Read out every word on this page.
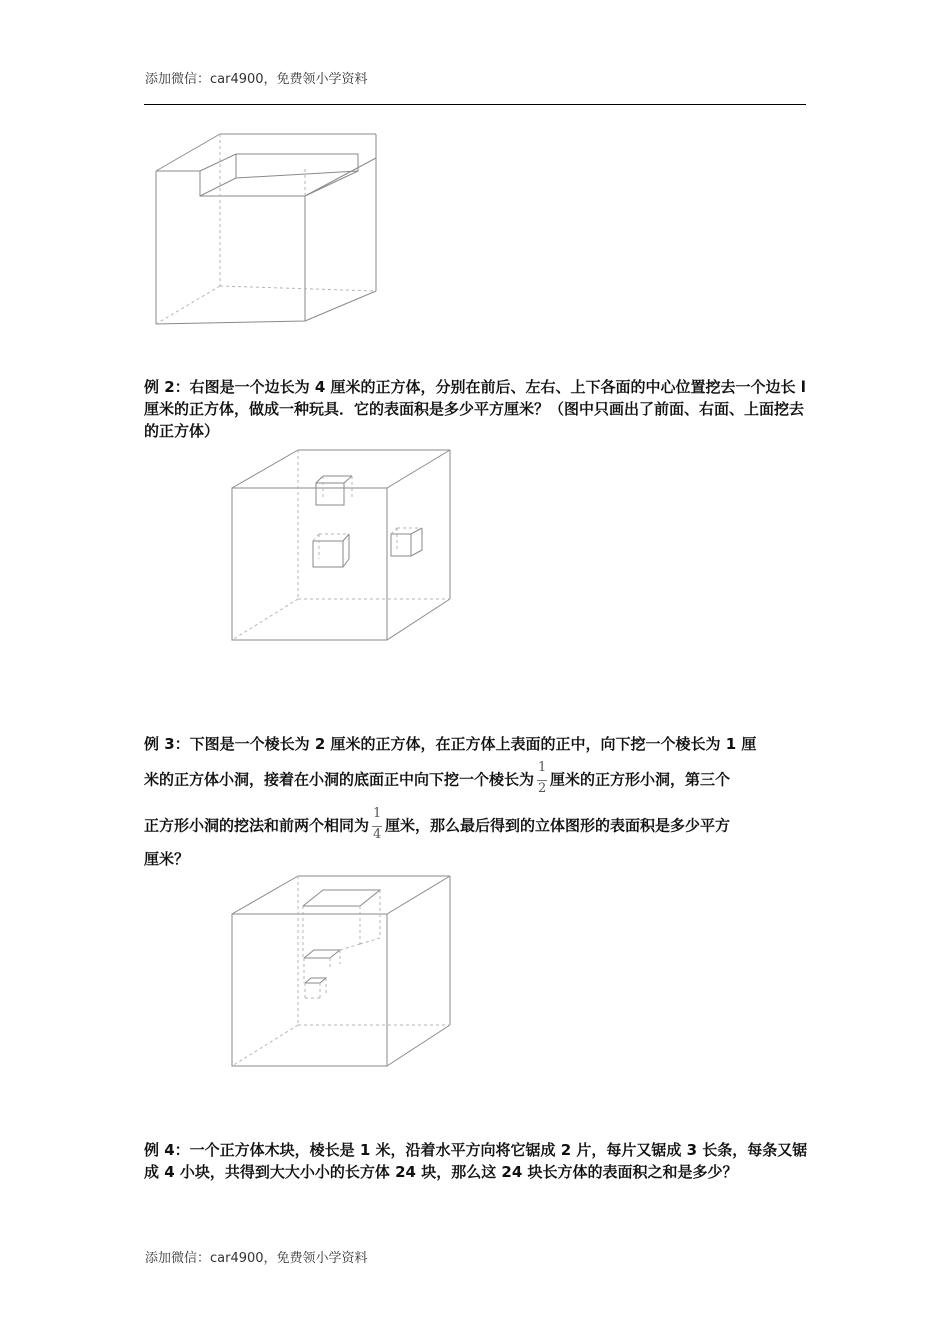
添加微信：car4900，免费领小学资料
例 2：右图是一个边长为 4 厘米的正方体，分别在前后、左右、上下各面的中心位置挖去一个边长 l 厘米的正方体，做成一种玩具．它的表面积是多少平方厘米？（图中只画出了前面、右面、上面挖去的正方体）
例 3：下图是一个棱长为 2 厘米的正方体，在正方体上表面的正中，向下挖一个棱长为 1 厘
米的正方体小洞，接着在小洞的底面正中向下挖一个棱长为 $\frac{1}{2}$ 厘米的正方形小洞，第三个
正方形小洞的挖法和前两个相同为 $\frac{1}{4}$ 厘米，那么最后得到的立体图形的表面积是多少平方
厘米？
例 4：一个正方体木块，棱长是 1 米，沿着水平方向将它锯成 2 片，每片又锯成 3 长条，每条又锯成 4 小块，共得到大大小小的长方体 24 块，那么这 24 块长方体的表面积之和是多少？
添加微信：car4900，免费领小学资料
